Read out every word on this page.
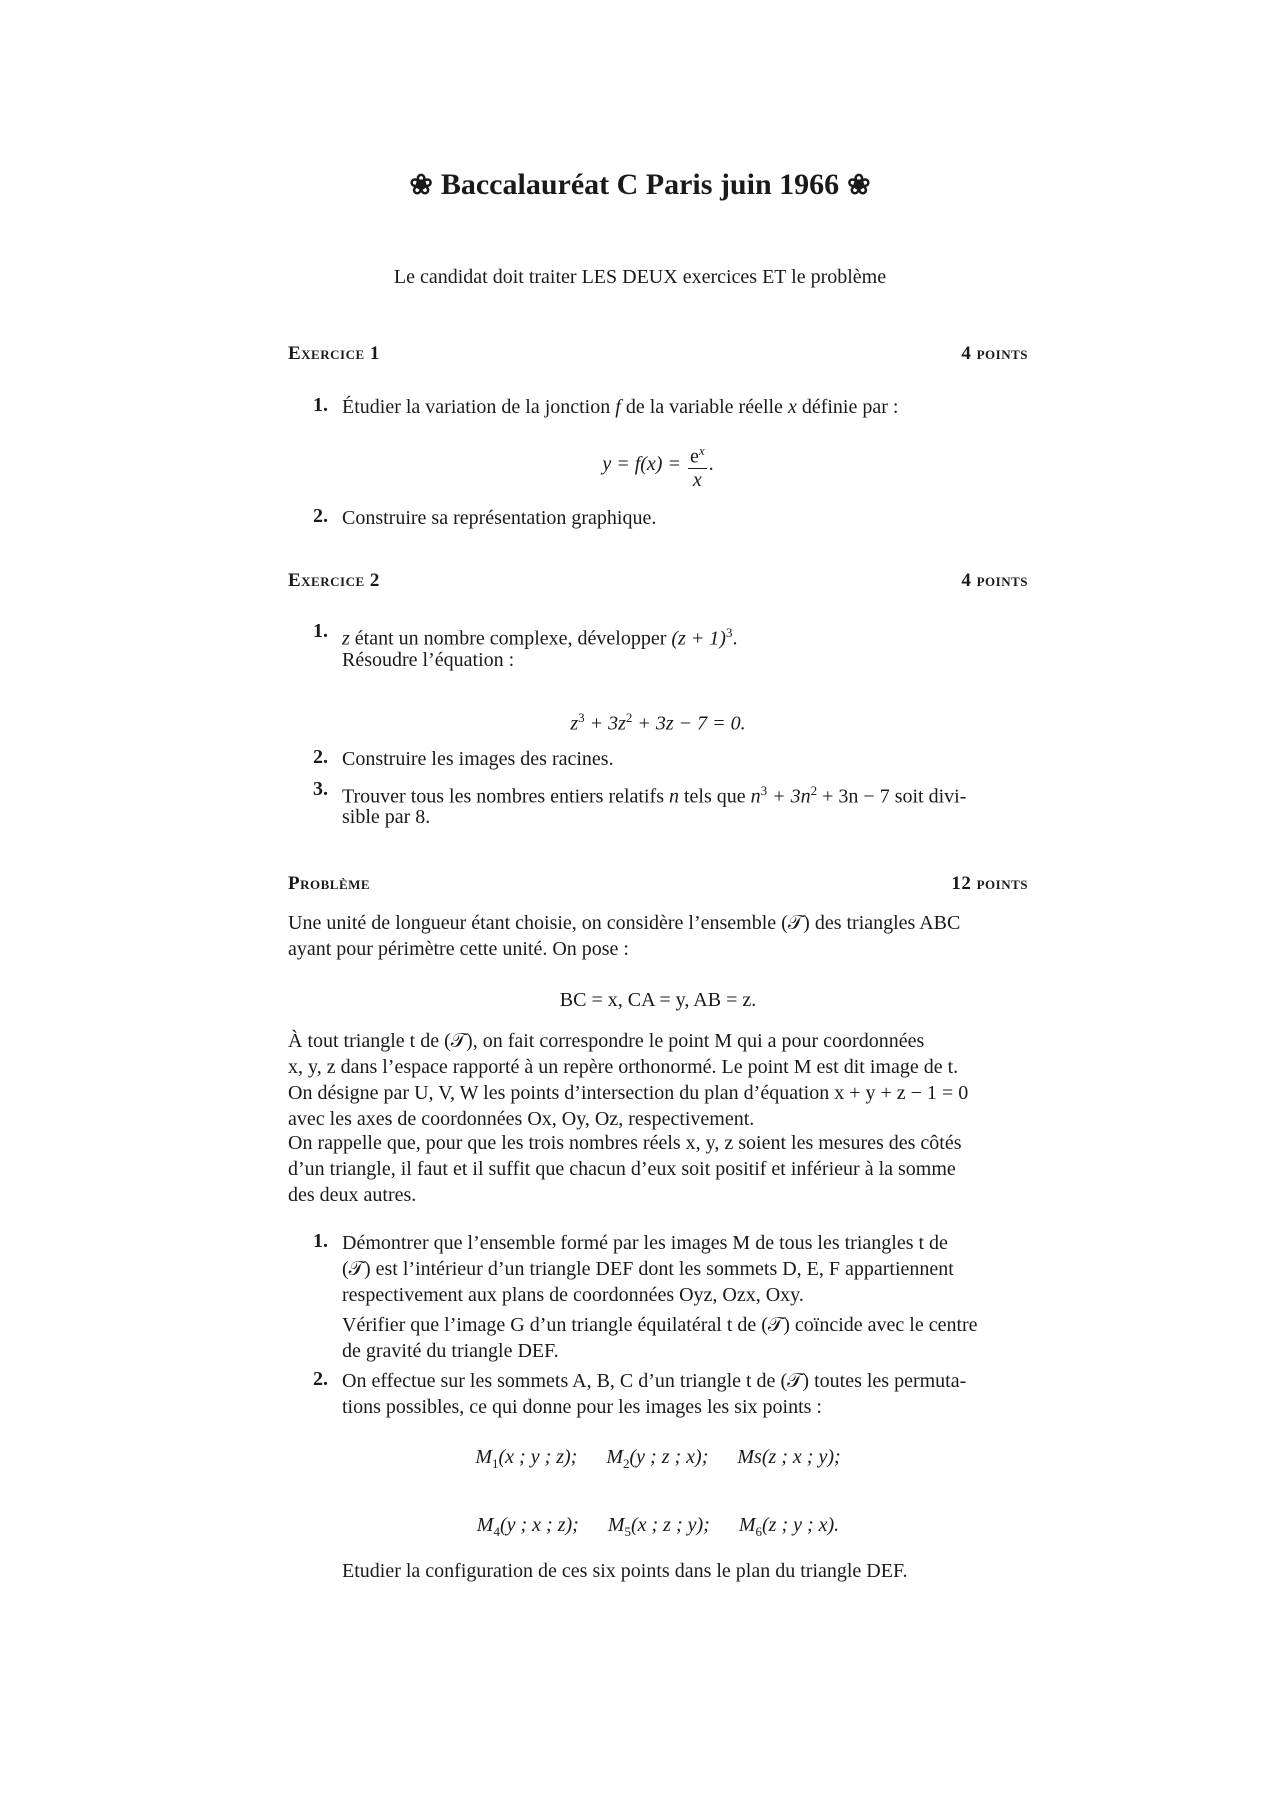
❀ Baccalauréat C Paris juin 1966 ❀
Le candidat doit traiter LES DEUX exercices ET le problème
Exercice 1	4 points
1. Étudier la variation de la jonction f de la variable réelle x définie par :
$y = f(x) = \frac{e^x}{x}$ .
2. Construire sa représentation graphique.
Exercice 2	4 points
1. z étant un nombre complexe, développer $(z + 1)^3$.
Résoudre l’équation :
$z^3 + 3z^2 + 3z - 7 = 0$.
2. Construire les images des racines.
3. Trouver tous les nombres entiers relatifs n tels que $n^3 + 3n^2 + 3n - 7$ soit divi-
sible par 8.
Problème	12 points
Une unité de longueur étant choisie, on considère l’ensemble (𝒯) des triangles ABC
ayant pour périmètre cette unité. On pose :
BC = x, CA = y, AB = z.
À tout triangle t de (𝒯), on fait correspondre le point M qui a pour coordonnées
x, y, z dans l’espace rapporté à un repère orthonormé. Le point M est dit image de t.
On désigne par U, V, W les points d’intersection du plan d’équation x + y + z − 1 = 0
avec les axes de coordonnées Ox, Oy, Oz, respectivement.
On rappelle que, pour que les trois nombres réels x, y, z soient les mesures des côtés
d’un triangle, il faut et il suffit que chacun d’eux soit positif et inférieur à la somme
des deux autres.
1. Démontrer que l’ensemble formé par les images M de tous les triangles t de
(𝒯) est l’intérieur d’un triangle DEF dont les sommets D, E, F appartiennent
respectivement aux plans de coordonnées Oyz, Ozx, Oxy.
Vérifier que l’image G d’un triangle équilatéral t de (𝒯) coïncide avec le centre
de gravité du triangle DEF.
2. On effectue sur les sommets A, B, C d’un triangle t de (𝒯) toutes les permuta-
tions possibles, ce qui donne pour les images les six points :
$M_1(x$ ; y ; z); $M_2(y$ ; z ; x); Ms(z ; x ; y);
$M_4(y$ ; x ; z); $M_5(x$ ; z ; y); $M_6(z$ ; y ; x).
Etudier la configuration de ces six points dans le plan du triangle DEF.
